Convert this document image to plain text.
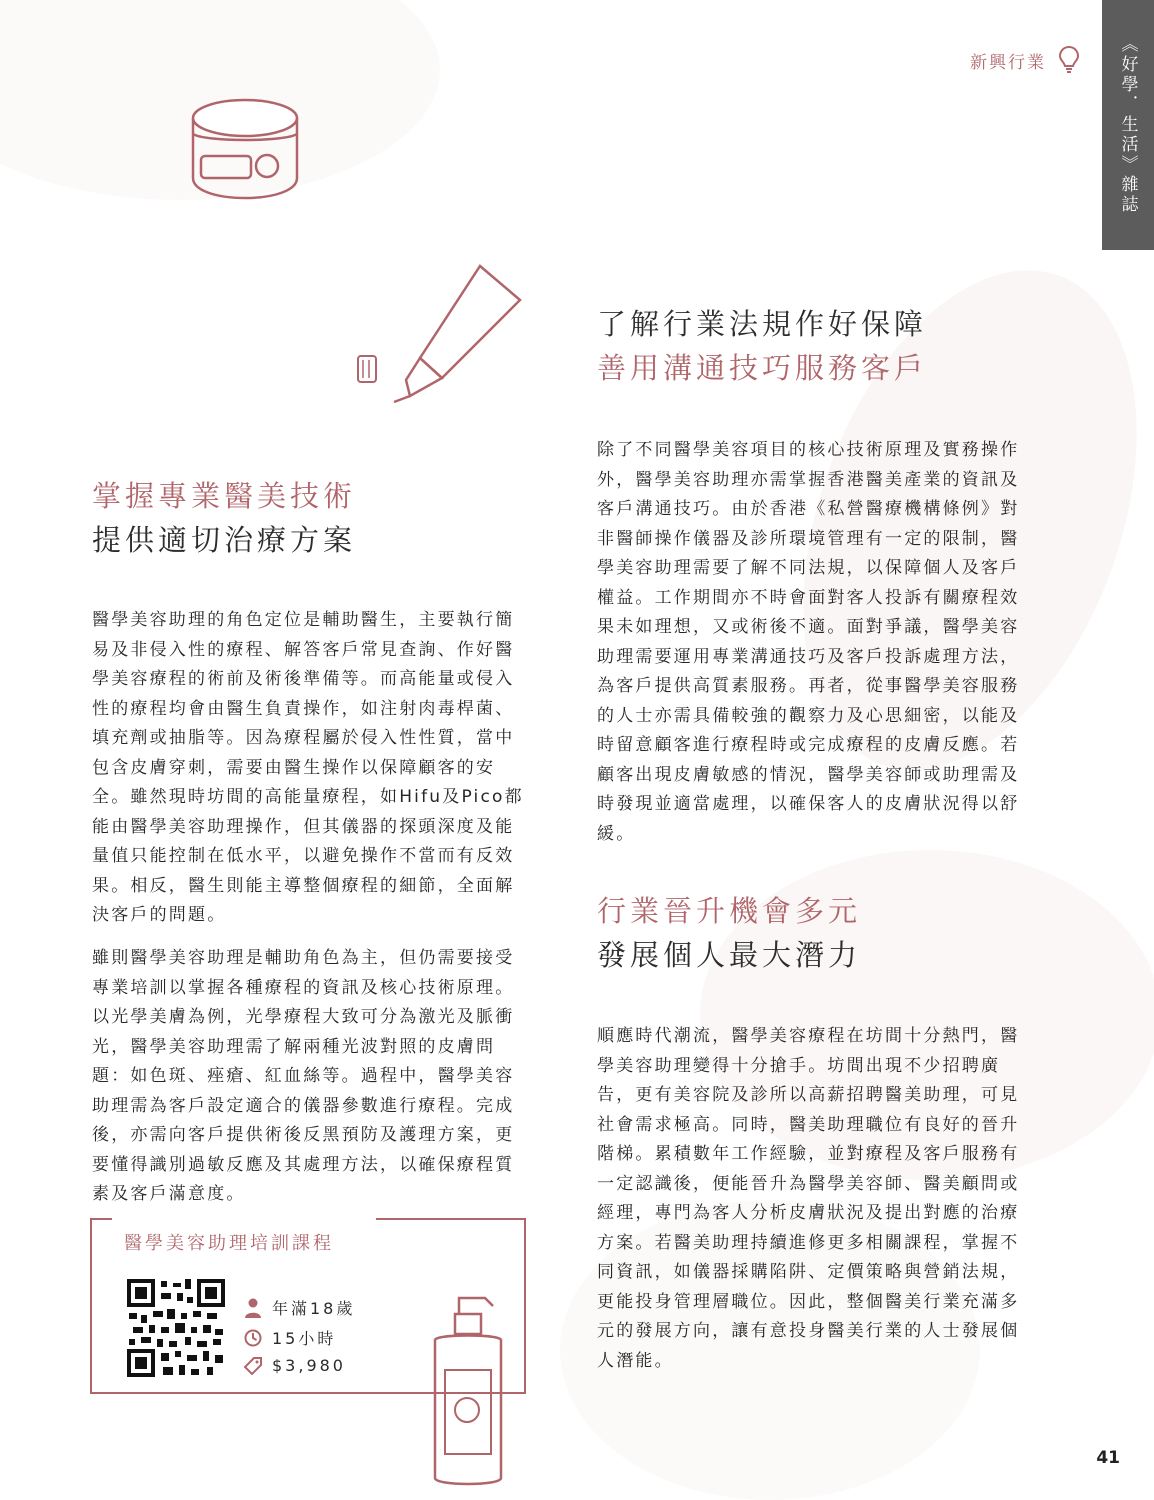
《好學．生活》雜誌
新興行業
掌握專業醫美技術
提供適切治療方案

醫學美容助理的角色定位是輔助醫生，主要執行簡易及非侵入性的療程、解答客戶常見查詢、作好醫學美容療程的術前及術後準備等。而高能量或侵入性的療程均會由醫生負責操作，如注射肉毒桿菌、填充劑或抽脂等。因為療程屬於侵入性性質，當中包含皮膚穿刺，需要由醫生操作以保障顧客的安全。雖然現時坊間的高能量療程，如Hifu及Pico都能由醫學美容助理操作，但其儀器的探頭深度及能量值只能控制在低水平，以避免操作不當而有反效果。相反，醫生則能主導整個療程的細節，全面解決客戶的問題。

雖則醫學美容助理是輔助角色為主，但仍需要接受專業培訓以掌握各種療程的資訊及核心技術原理。以光學美膚為例，光學療程大致可分為激光及脈衝光，醫學美容助理需了解兩種光波對照的皮膚問題：如色斑、痤瘡、紅血絲等。過程中，醫學美容助理需為客戶設定適合的儀器參數進行療程。完成後，亦需向客戶提供術後反黑預防及護理方案，更要懂得識別過敏反應及其處理方法，以確保療程質素及客戶滿意度。

了解行業法規作好保障
善用溝通技巧服務客戶

除了不同醫學美容項目的核心技術原理及實務操作外，醫學美容助理亦需掌握香港醫美產業的資訊及客戶溝通技巧。由於香港《私營醫療機構條例》對非醫師操作儀器及診所環境管理有一定的限制，醫學美容助理需要了解不同法規，以保障個人及客戶權益。工作期間亦不時會面對客人投訴有關療程效果未如理想，又或術後不適。面對爭議，醫學美容助理需要運用專業溝通技巧及客戶投訴處理方法，為客戶提供高質素服務。再者，從事醫學美容服務的人士亦需具備較強的觀察力及心思細密，以能及時留意顧客進行療程時或完成療程的皮膚反應。若顧客出現皮膚敏感的情況，醫學美容師或助理需及時發現並適當處理，以確保客人的皮膚狀況得以舒緩。

行業晉升機會多元
發展個人最大潛力

順應時代潮流，醫學美容療程在坊間十分熱門，醫學美容助理變得十分搶手。坊間出現不少招聘廣告，更有美容院及診所以高薪招聘醫美助理，可見社會需求極高。同時，醫美助理職位有良好的晉升階梯。累積數年工作經驗，並對療程及客戶服務有一定認識後，便能晉升為醫學美容師、醫美顧問或經理，專門為客人分析皮膚狀況及提出對應的治療方案。若醫美助理持續進修更多相關課程，掌握不同資訊，如儀器採購陷阱、定價策略與營銷法規，更能投身管理層職位。因此，整個醫美行業充滿多元的發展方向，讓有意投身醫美行業的人士發展個人潛能。

醫學美容助理培訓課程
年滿18歲
15小時
$3,980
41
